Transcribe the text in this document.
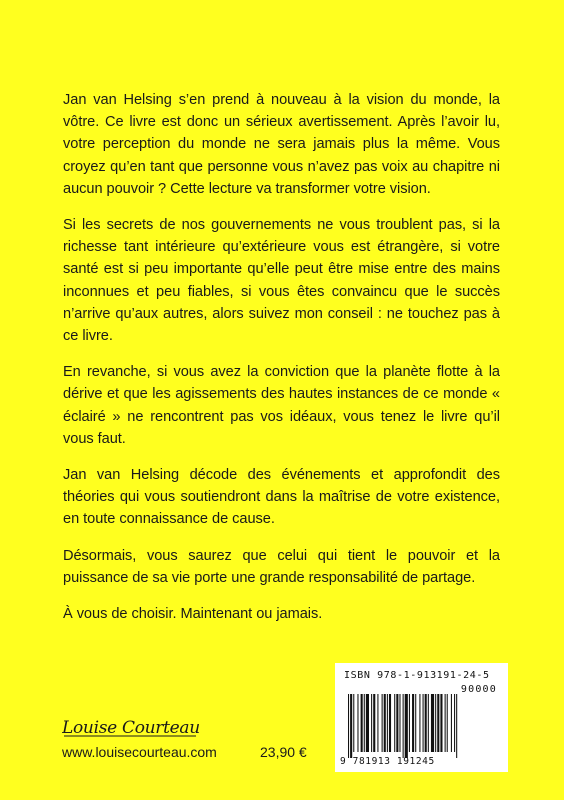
Jan van Helsing s’en prend à nouveau à la vision du monde, la vôtre. Ce livre est donc un sérieux avertissement. Après l’avoir lu, votre perception du monde ne sera jamais plus la même. Vous croyez qu’en tant que personne vous n’avez pas voix au chapitre ni aucun pouvoir ? Cette lecture va transformer votre vision.

Si les secrets de nos gouvernements ne vous troublent pas, si la richesse tant intérieure qu’extérieure vous est étrangère, si votre santé est si peu importante qu’elle peut être mise entre des mains inconnues et peu fiables, si vous êtes convaincu que le succès n’arrive qu’aux autres, alors suivez mon conseil : ne touchez pas à ce livre.

En revanche, si vous avez la conviction que la planète flotte à la dérive et que les agissements des hautes instances de ce monde « éclairé » ne rencontrent pas vos idéaux, vous tenez le livre qu’il vous faut.

Jan van Helsing décode des événements et approfondit des théories qui vous soutiendront dans la maîtrise de votre existence, en toute connaissance de cause.

Désormais, vous saurez que celui qui tient le pouvoir et la puissance de sa vie porte une grande responsabilité de partage.

À vous de choisir. Maintenant ou jamais.

ISBN 978-1-913191-24-5
90000
9 781913 191245
Louise Courteau
www.louisecourteau.com	23,90 €
